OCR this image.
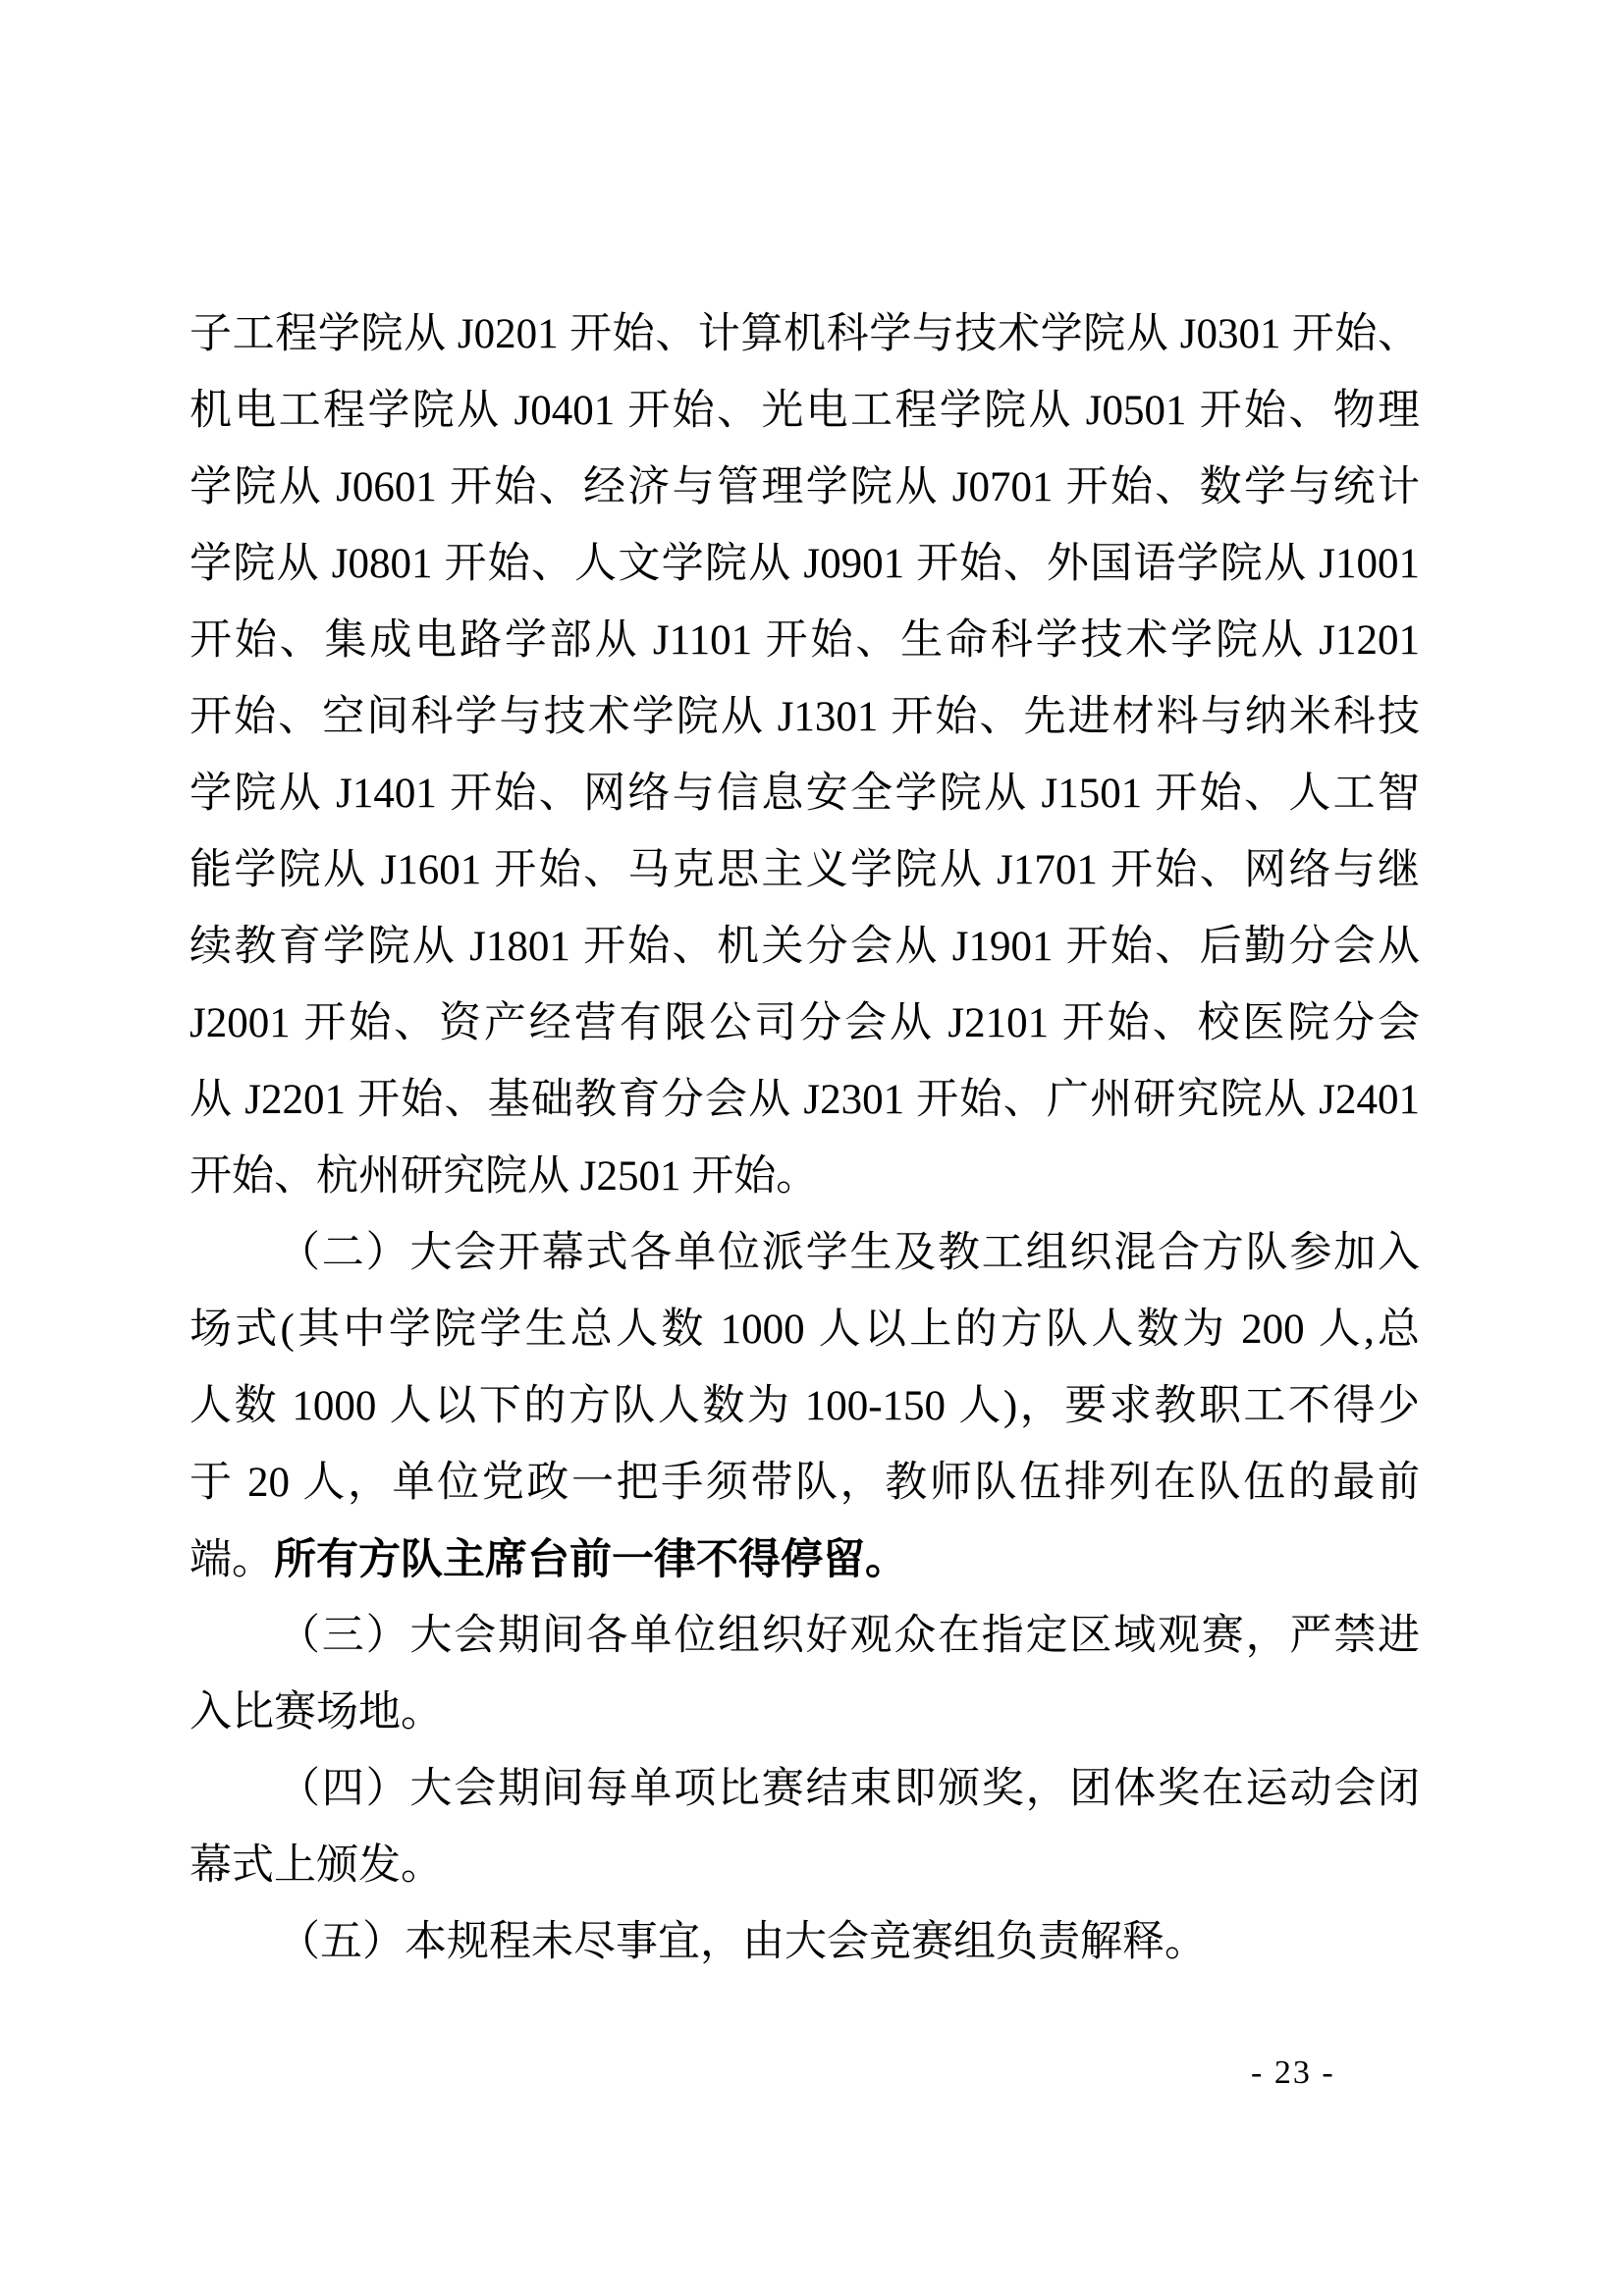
子工程学院从 J0201 开始、计算机科学与技术学院从 J0301 开始、
机电工程学院从 J0401 开始、光电工程学院从 J0501 开始、物理
学院从 J0601 开始、经济与管理学院从 J0701 开始、数学与统计
学院从 J0801 开始、人文学院从 J0901 开始、外国语学院从 J1001
开始、集成电路学部从 J1101 开始、生命科学技术学院从 J1201
开始、空间科学与技术学院从 J1301 开始、先进材料与纳米科技
学院从 J1401 开始、网络与信息安全学院从 J1501 开始、人工智
能学院从 J1601 开始、马克思主义学院从 J1701 开始、网络与继
续教育学院从 J1801 开始、机关分会从 J1901 开始、后勤分会从
J2001 开始、资产经营有限公司分会从 J2101 开始、校医院分会
从 J2201 开始、基础教育分会从 J2301 开始、广州研究院从 J2401
开始、杭州研究院从 J2501 开始。
（二）大会开幕式各单位派学生及教工组织混合方队参加入
场式(其中学院学生总人数 1000 人以上的方队人数为 200 人,总
人数 1000 人以下的方队人数为 100-150 人)，要求教职工不得少
于 20 人，单位党政一把手须带队，教师队伍排列在队伍的最前
端。所有方队主席台前一律不得停留。
（三）大会期间各单位组织好观众在指定区域观赛，严禁进
入比赛场地。
（四）大会期间每单项比赛结束即颁奖，团体奖在运动会闭
幕式上颁发。
（五）本规程未尽事宜，由大会竞赛组负责解释。
- 23 -
